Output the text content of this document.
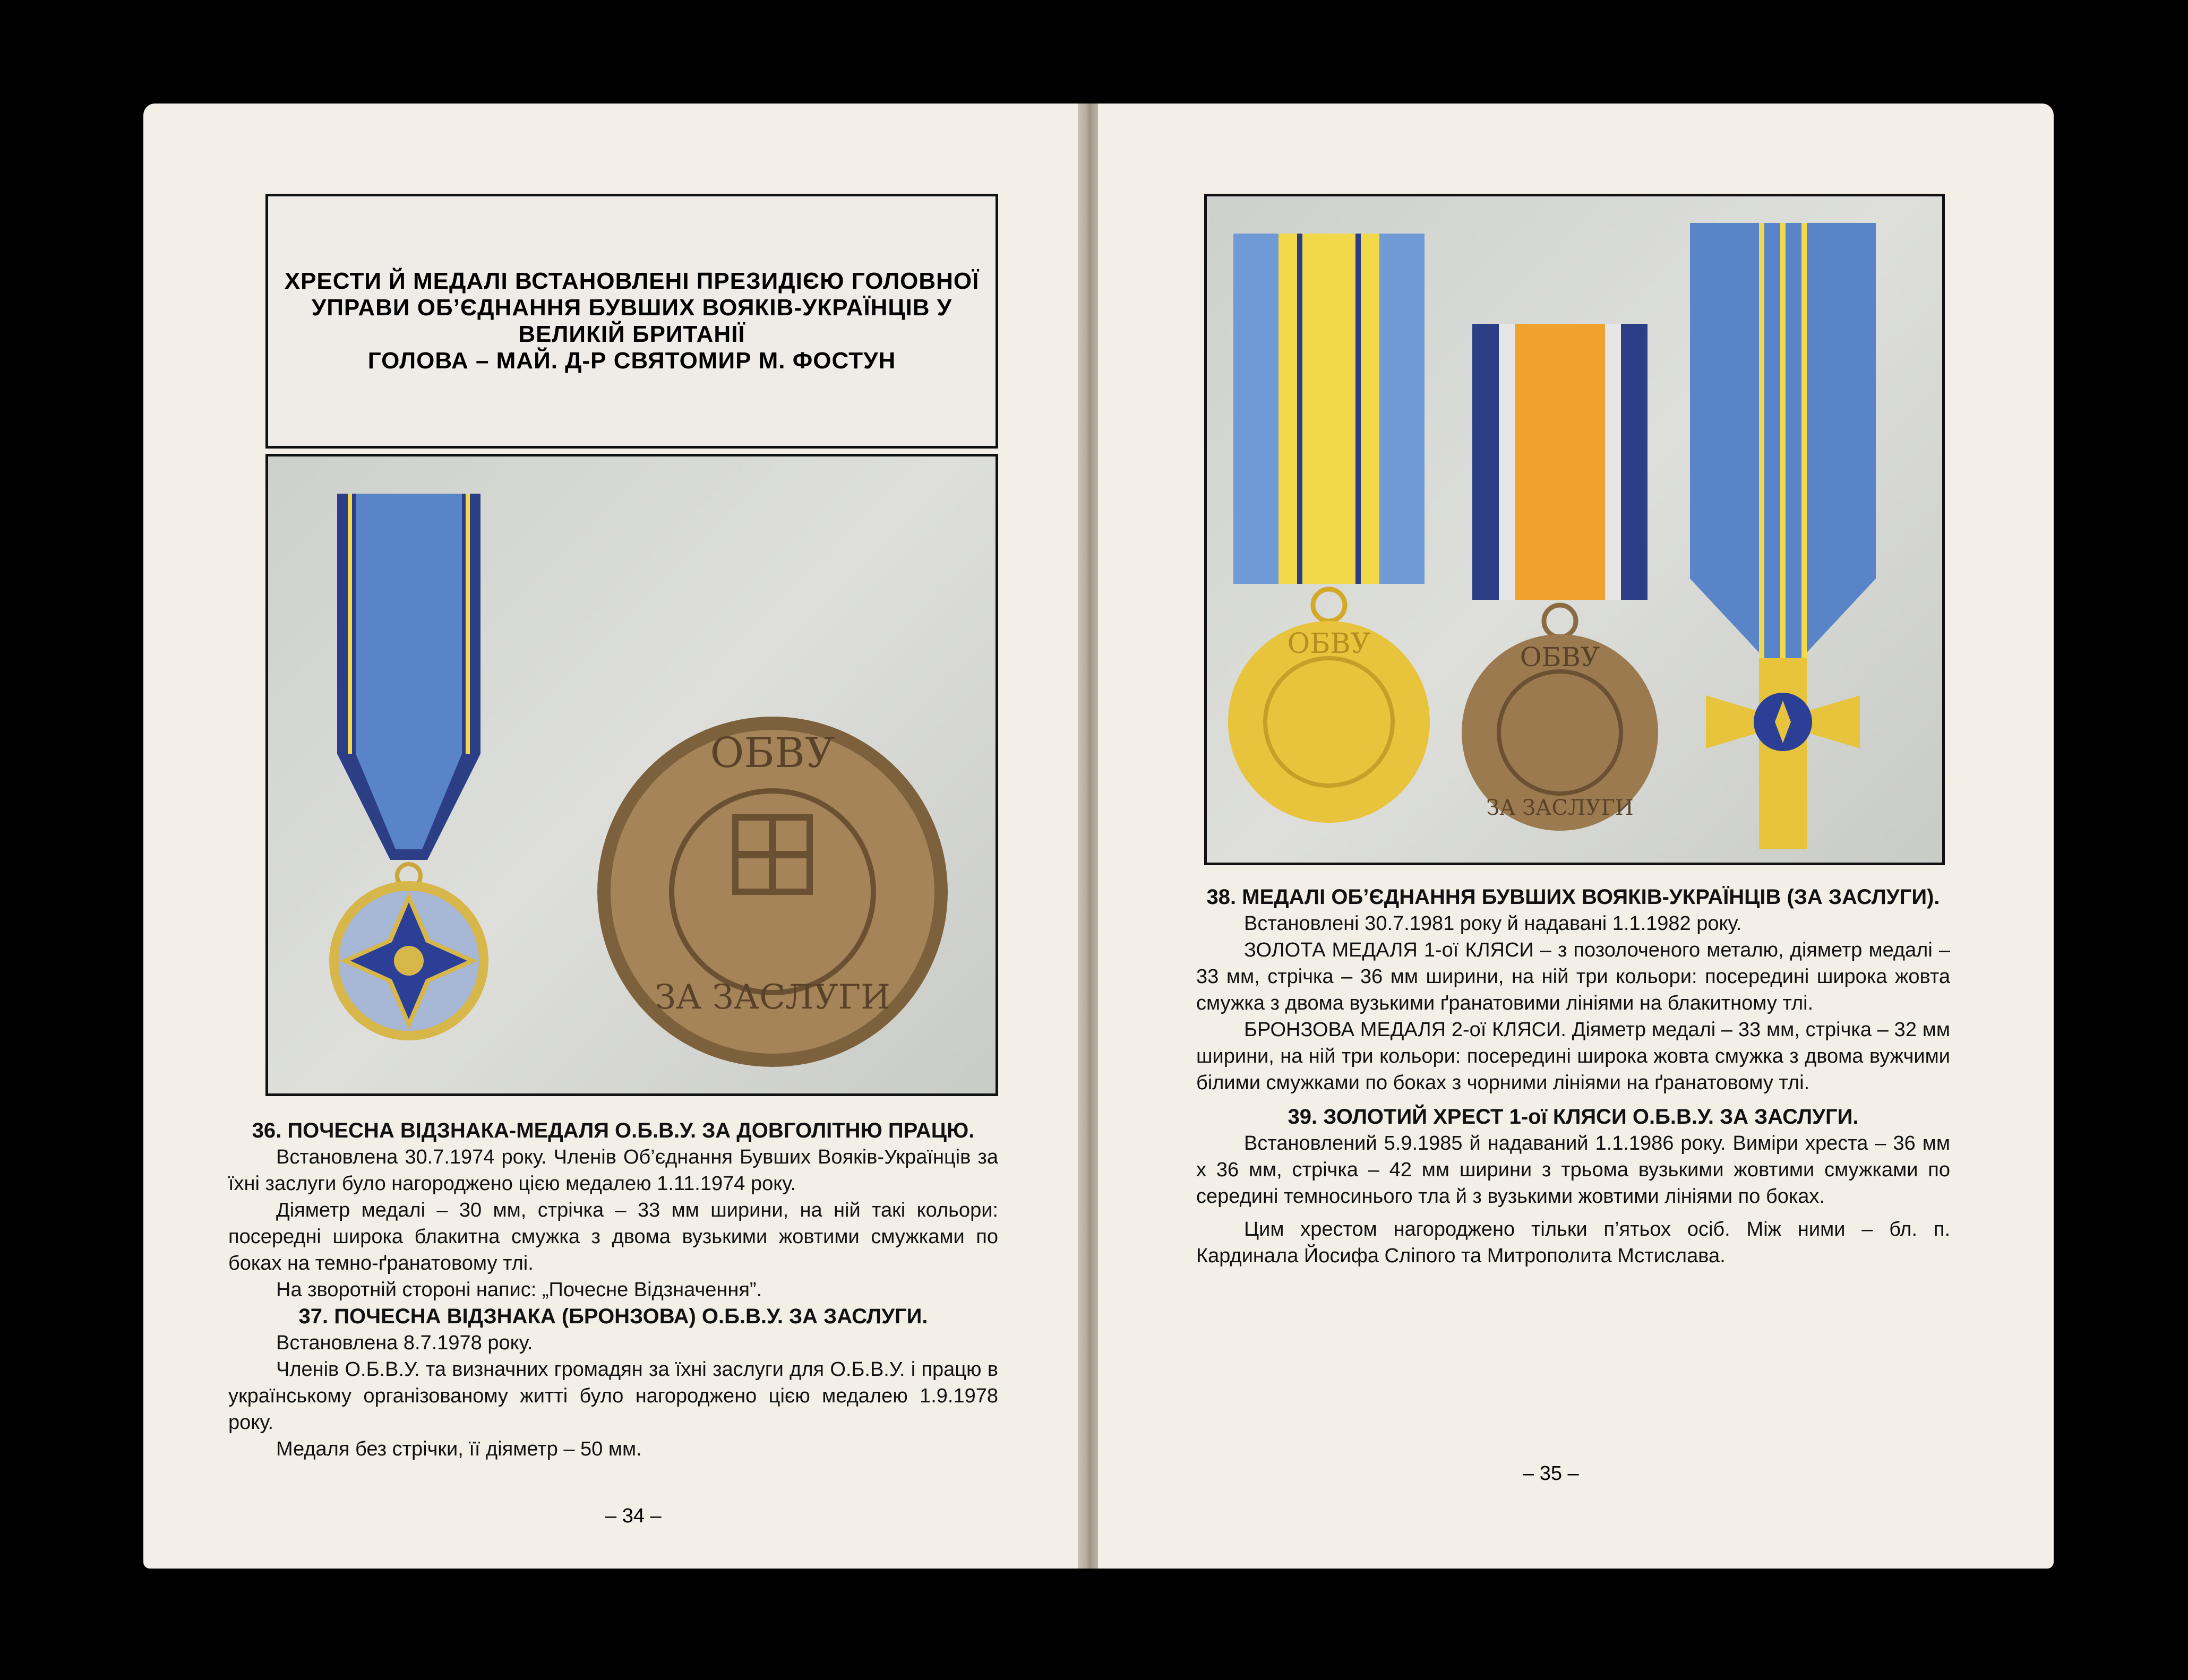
ХРЕСТИ Й МЕДАЛІ ВСТАНОВЛЕНІ ПРЕЗИДІЄЮ ГОЛОВНОЇ
УПРАВИ ОБ’ЄДНАННЯ БУВШИХ ВОЯКІВ-УКРАЇНЦІВ У
ВЕЛИКІЙ БРИТАНІЇ
ГОЛОВА – МАЙ. Д-Р СВЯТОМИР М. ФОСТУН
ОБВУ
ЗА ЗАСЛУГИ

36. ПОЧЕСНА ВІДЗНАКА-МЕДАЛЯ О.Б.В.У. ЗА ДОВГОЛІТНЮ ПРАЦЮ.

Встановлена 30.7.1974 року. Членів Об’єднання Бувших Вояків-Українців за їхні заслуги було нагороджено цією медалею 1.11.1974 року.

Діяметр медалі – 30 мм, стрічка – 33 мм ширини, на ній такі кольори: посередні широка блакитна смужка з двома вузькими жовтими смужками по боках на темно-ґранатовому тлі.

На зворотній стороні напис: „Почесне Відзначення”.

37. ПОЧЕСНА ВІДЗНАКА (БРОНЗОВА) О.Б.В.У. ЗА ЗАСЛУГИ.

Встановлена 8.7.1978 року.

Членів О.Б.В.У. та визначних громадян за їхні заслуги для О.Б.В.У. і працю в українському організованому житті було нагороджено цією медалею 1.9.1978 року.

Медаля без стрічки, її діяметр – 50 мм.

– 34 –
ОБВУ	ОБВУ
ЗА ЗАСЛУГИ

38. МЕДАЛІ ОБ’ЄДНАННЯ БУВШИХ ВОЯКІВ-УКРАЇНЦІВ (ЗА ЗАСЛУГИ).

Встановлені 30.7.1981 року й надавані 1.1.1982 року.

ЗОЛОТА МЕДАЛЯ 1-ої КЛЯСИ – з позолоченого металю, діяметр медалі – 33 мм, стрічка – 36 мм ширини, на ній три кольори: посередині широка жовта смужка з двома вузькими ґранатовими лініями на блакитному тлі.

БРОНЗОВА МЕДАЛЯ 2-ої КЛЯСИ. Діяметр медалі – 33 мм, стрічка – 32 мм ширини, на ній три кольори: посередині широка жовта смужка з двома вужчими білими смужками по боках з чорними лініями на ґранатовому тлі.

39. ЗОЛОТИЙ ХРЕСТ 1-ої КЛЯСИ О.Б.В.У. ЗА ЗАСЛУГИ.

Встановлений 5.9.1985 й надаваний 1.1.1986 року. Виміри хреста – 36 мм х 36 мм, стрічка – 42 мм ширини з трьома вузькими жовтими смужками по середині темносинього тла й з вузькими жовтими лініями по боках.

Цим хрестом нагороджено тільки п’ятьох осіб. Між ними – бл. п. Кардинала Йосифа Сліпого та Митрополита Мстислава.

– 35 –
